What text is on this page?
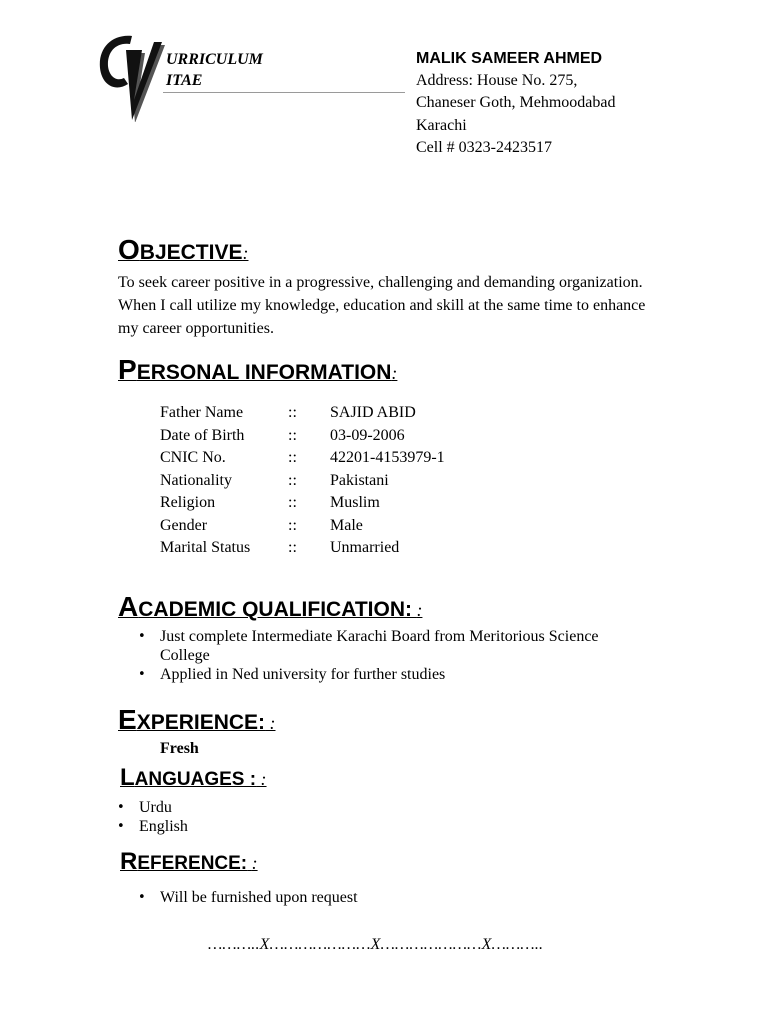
URRICULUM
ITAE
MALIK SAMEER AHMED
Address: House No. 275,
Chaneser Goth, Mehmoodabad
Karachi
Cell # 0323-2423517
OBJECTIVE:
To seek career positive in a progressive, challenging and demanding organization. When I call utilize my knowledge, education and skill at the same time to enhance my career opportunities.
PERSONAL INFORMATION:
Father Name	::	SAJID ABID
Date of Birth	::	03-09-2006
CNIC No.	::	42201-4153979-1
Nationality	::	Pakistani
Religion	::	Muslim
Gender	::	Male
Marital Status	::	Unmarried
ACADEMIC QUALIFICATION: :
• Just complete Intermediate Karachi Board from Meritorious Science College
• Applied in Ned university for further studies
EXPERIENCE: :
Fresh
LANGUAGES : :
• Urdu
• English
REFERENCE: :
• Will be furnished upon request
………..X…………………X…………………X………..
